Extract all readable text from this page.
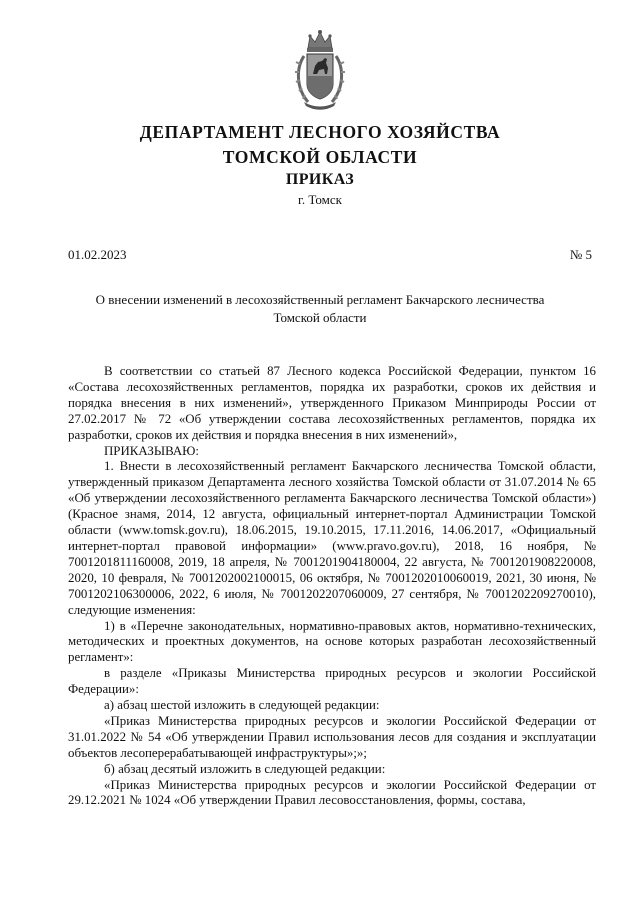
ДЕПАРТАМЕНТ ЛЕСНОГО ХОЗЯЙСТВА
ТОМСКОЙ ОБЛАСТИ
ПРИКАЗ
г. Томск
01.02.2023	№ 5
О внесении изменений в лесохозяйственный регламент Бакчарского лесничества
Томской области

В соответствии со статьей 87 Лесного кодекса Российской Федерации, пунктом 16 «Состава лесохозяйственных регламентов, порядка их разработки, сроков их действия и порядка внесения в них изменений», утвержденного Приказом Минприроды России от 27.02.2017 № 72 «Об утверждении состава лесохозяйственных регламентов, порядка их разработки, сроков их действия и порядка внесения в них изменений»,

ПРИКАЗЫВАЮ:

1. Внести в лесохозяйственный регламент Бакчарского лесничества Томской области, утвержденный приказом Департамента лесного хозяйства Томской области от 31.07.2014 № 65 «Об утверждении лесохозяйственного регламента Бакчарского лесничества Томской области») (Красное знамя, 2014, 12 августа, официальный интернет-портал Администрации Томской области (www.tomsk.gov.ru), 18.06.2015, 19.10.2015, 17.11.2016, 14.06.2017, «Официальный интернет-портал правовой информации» (www.pravo.gov.ru), 2018, 16 ноября, № 7001201811160008, 2019, 18 апреля, № 7001201904180004, 22 августа, № 7001201908220008, 2020, 10 февраля, № 7001202002100015, 06 октября, № 7001202010060019, 2021, 30 июня, № 7001202106300006, 2022, 6 июля, № 7001202207060009, 27 сентября, № 7001202209270010), следующие изменения:

1) в «Перечне законодательных, нормативно-правовых актов, нормативно-технических, методических и проектных документов, на основе которых разработан лесохозяйственный регламент»:

в разделе «Приказы Министерства природных ресурсов и экологии Российской Федерации»:

а) абзац шестой изложить в следующей редакции:

«Приказ Министерства природных ресурсов и экологии Российской Федерации от 31.01.2022 № 54 «Об утверждении Правил использования лесов для создания и эксплуатации объектов лесоперерабатывающей инфраструктуры»;»;

б) абзац десятый изложить в следующей редакции:

«Приказ Министерства природных ресурсов и экологии Российской Федерации от 29.12.2021 № 1024 «Об утверждении Правил лесовосстановления, формы, состава,
